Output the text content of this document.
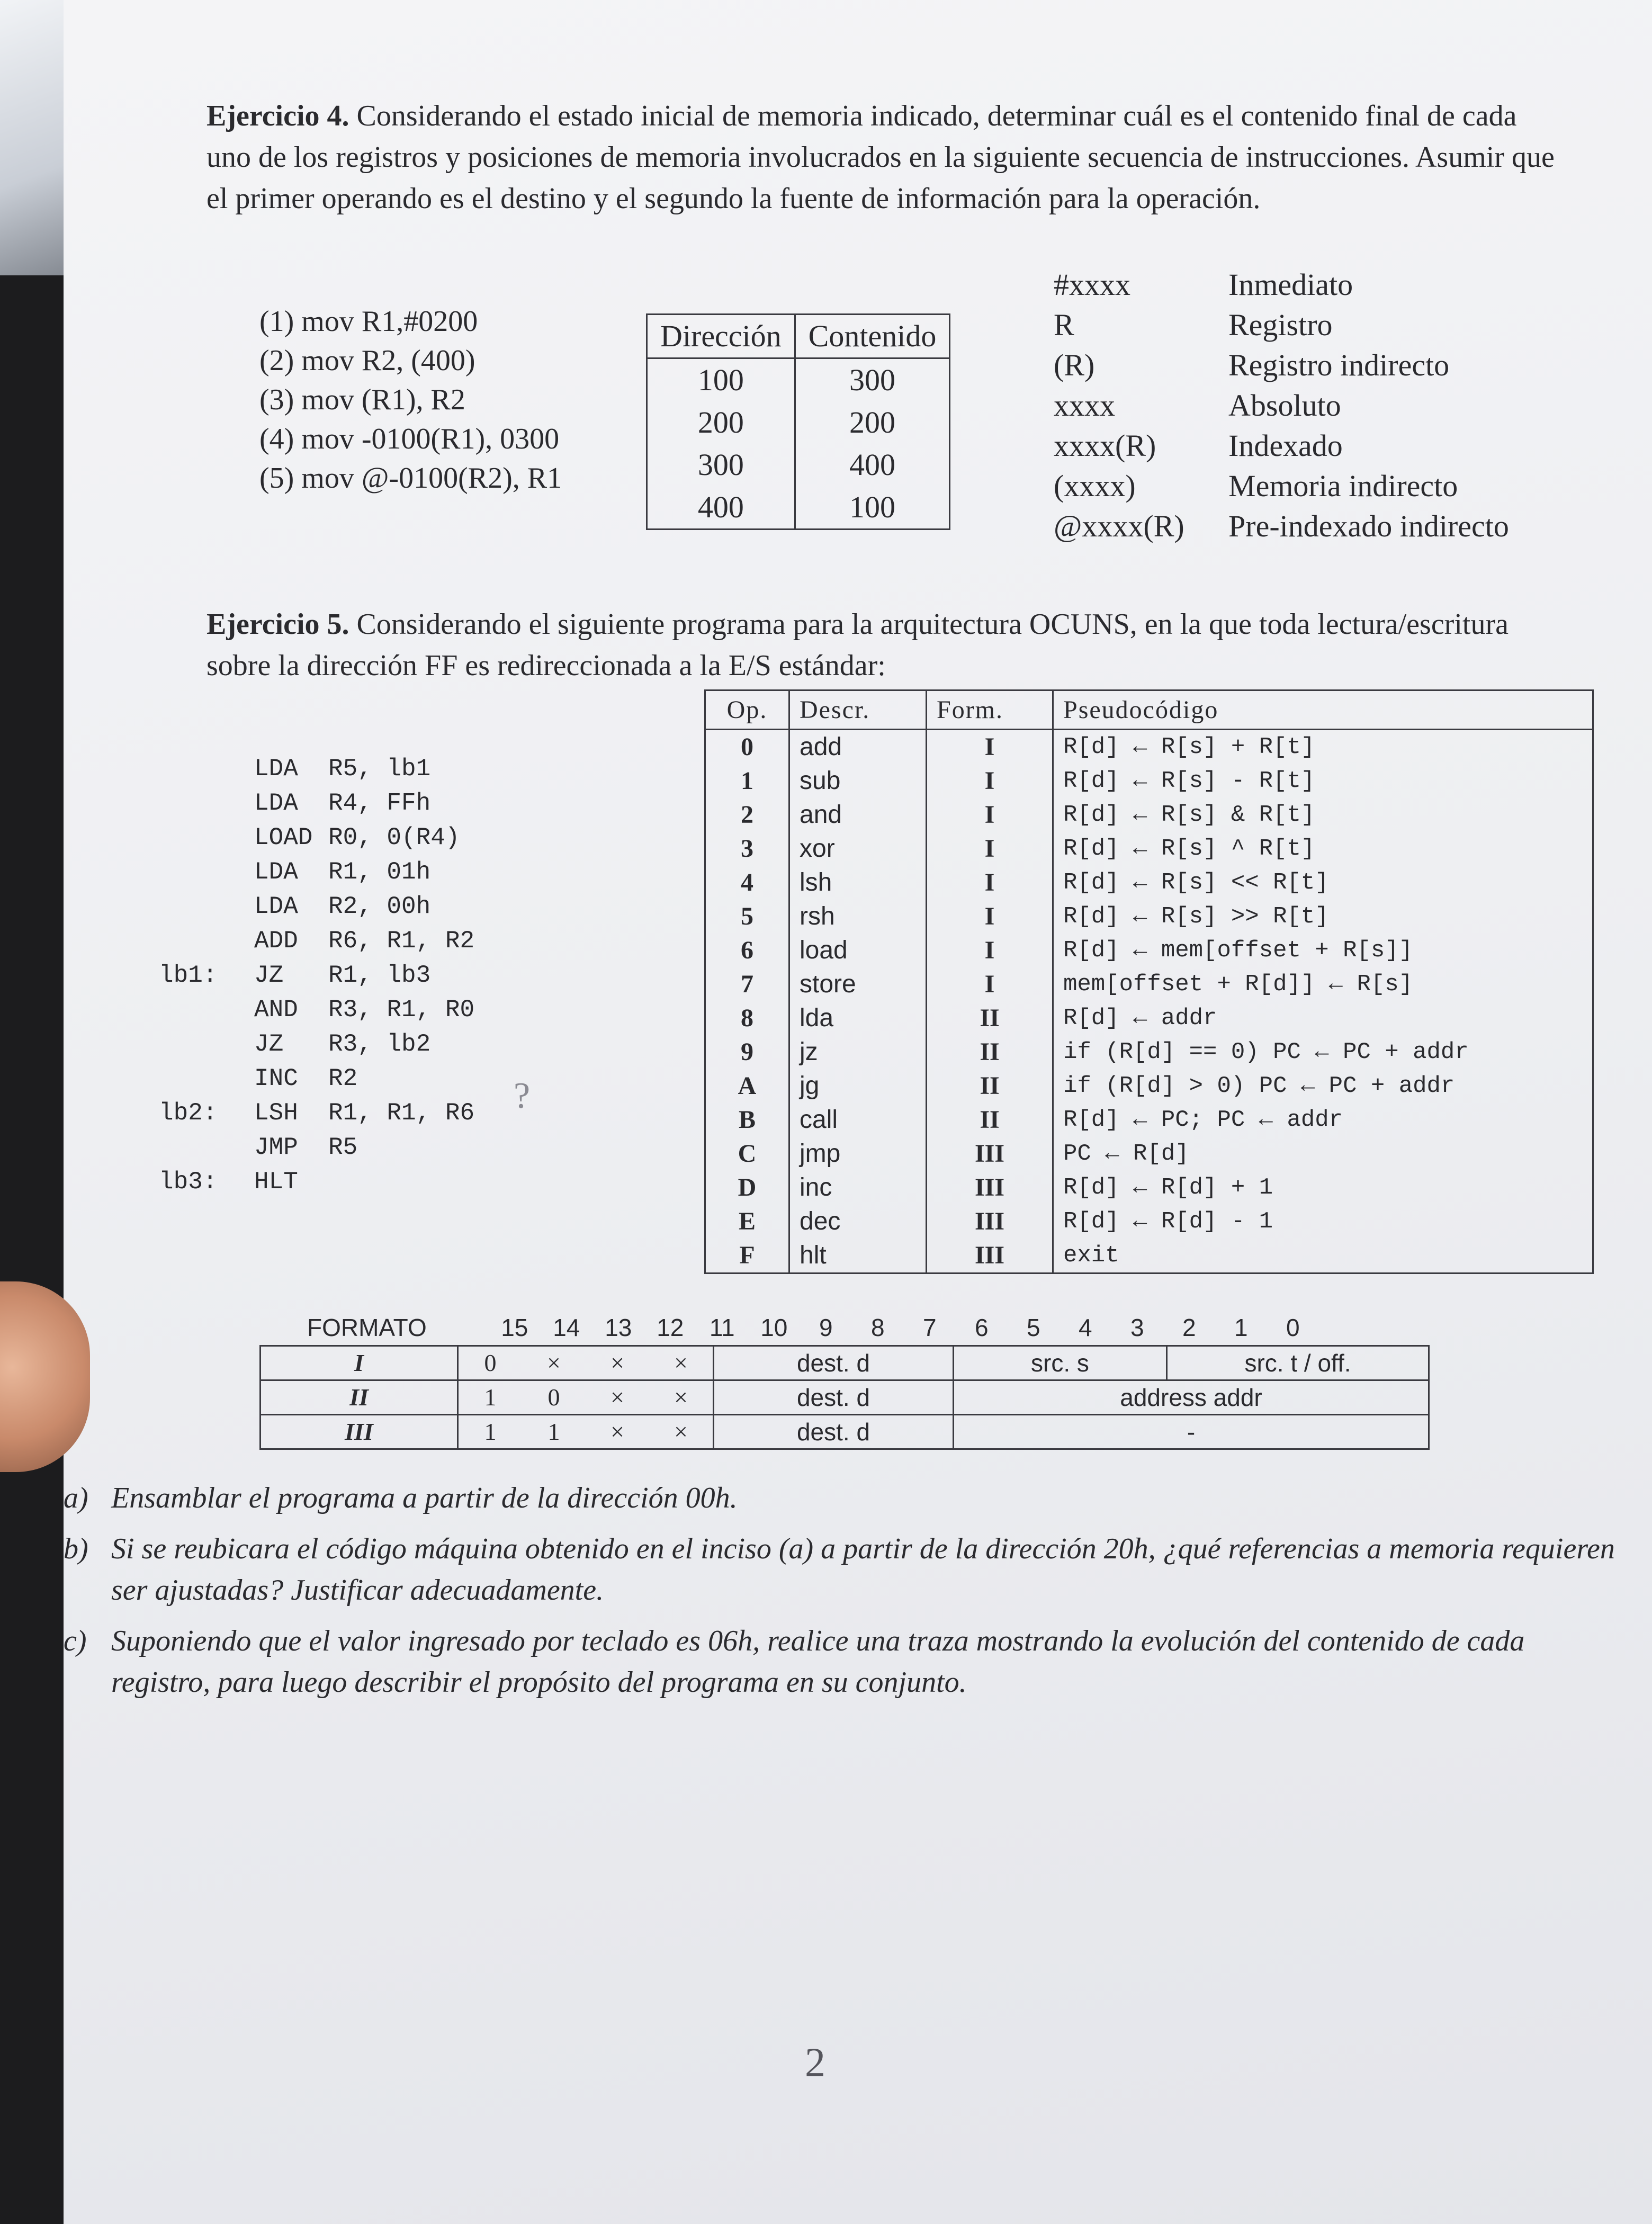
Ejercicio 4. Considerando el estado inicial de memoria indicado, determinar cuál es el contenido final de cada uno de los registros y posiciones de memoria involucrados en la siguiente secuencia de instrucciones. Asumir que el primer operando es el destino y el segundo la fuente de información para la operación.
(1) mov R1,#0200
(2) mov R2, (400)
(3) mov (R1), R2
(4) mov -0100(R1), 0300
(5) mov @-0100(R2), R1
Dirección	Contenido
100	300
200	200
300	400
400	100
#xxxx	Inmediato
R	Registro
(R)	Registro indirecto
xxxx	Absoluto
xxxx(R) Indexado
(xxxx)	Memoria indirecto
@xxxx(R) Pre-indexado indirecto
Ejercicio 5. Considerando el siguiente programa para la arquitectura OCUNS, en la que toda lectura/escritura sobre la dirección FF es redireccionada a la E/S estándar:
LDA R5, lb1
LDA R4, FFh
LOAD R0, 0(R4)
LDA R1, 01h
LDA R2, 00h
ADD R6, R1, R2
lb1: JZ R1, lb3
AND R3, R1, R0
JZ R3, lb2
INC R2
lb2: LSH R1, R1, R6
JMP R5
lb3: HLT
?
Op.	Descr.	Form.	Pseudocódigo
0	add	I	R[d] ← R[s] + R[t]
1	sub	I	R[d] ← R[s] - R[t]
2	and	I	R[d] ← R[s] & R[t]
3	xor	I	R[d] ← R[s] ^ R[t]
4	lsh	I	R[d] ← R[s] << R[t]
5	rsh	I	R[d] ← R[s] >> R[t]
6	load	I	R[d] ← mem[offset + R[s]]
7	store	I	mem[offset + R[d]] ← R[s]
8	lda	II	R[d] ← addr
9	jz	II	if (R[d] == 0) PC ← PC + addr
A	jg	II	if (R[d] > 0) PC ← PC + addr
B	call	II	R[d] ← PC; PC ← addr
C	jmp	III	PC ← R[d]
D	inc	III	R[d] ← R[d] + 1
E	dec	III	R[d] ← R[d] - 1
F	hlt	III	exit
FORMATO	15 14 13 12 11 10 9 8 7 6 5 4 3 2 1 0
I	0	×	×	×	dest. d	src. s	src. t / off.
II	1	0	×	×	dest. d	address addr	
III	1	1	×	×	dest. d	-	
a) Ensamblar el programa a partir de la dirección 00h.
b) Si se reubicara el código máquina obtenido en el inciso (a) a partir de la dirección 20h, ¿qué referencias a memoria requieren ser ajustadas? Justificar adecuadamente.
c) Suponiendo que el valor ingresado por teclado es 06h, realice una traza mostrando la evolución del contenido de cada registro, para luego describir el propósito del programa en su conjunto.
2
